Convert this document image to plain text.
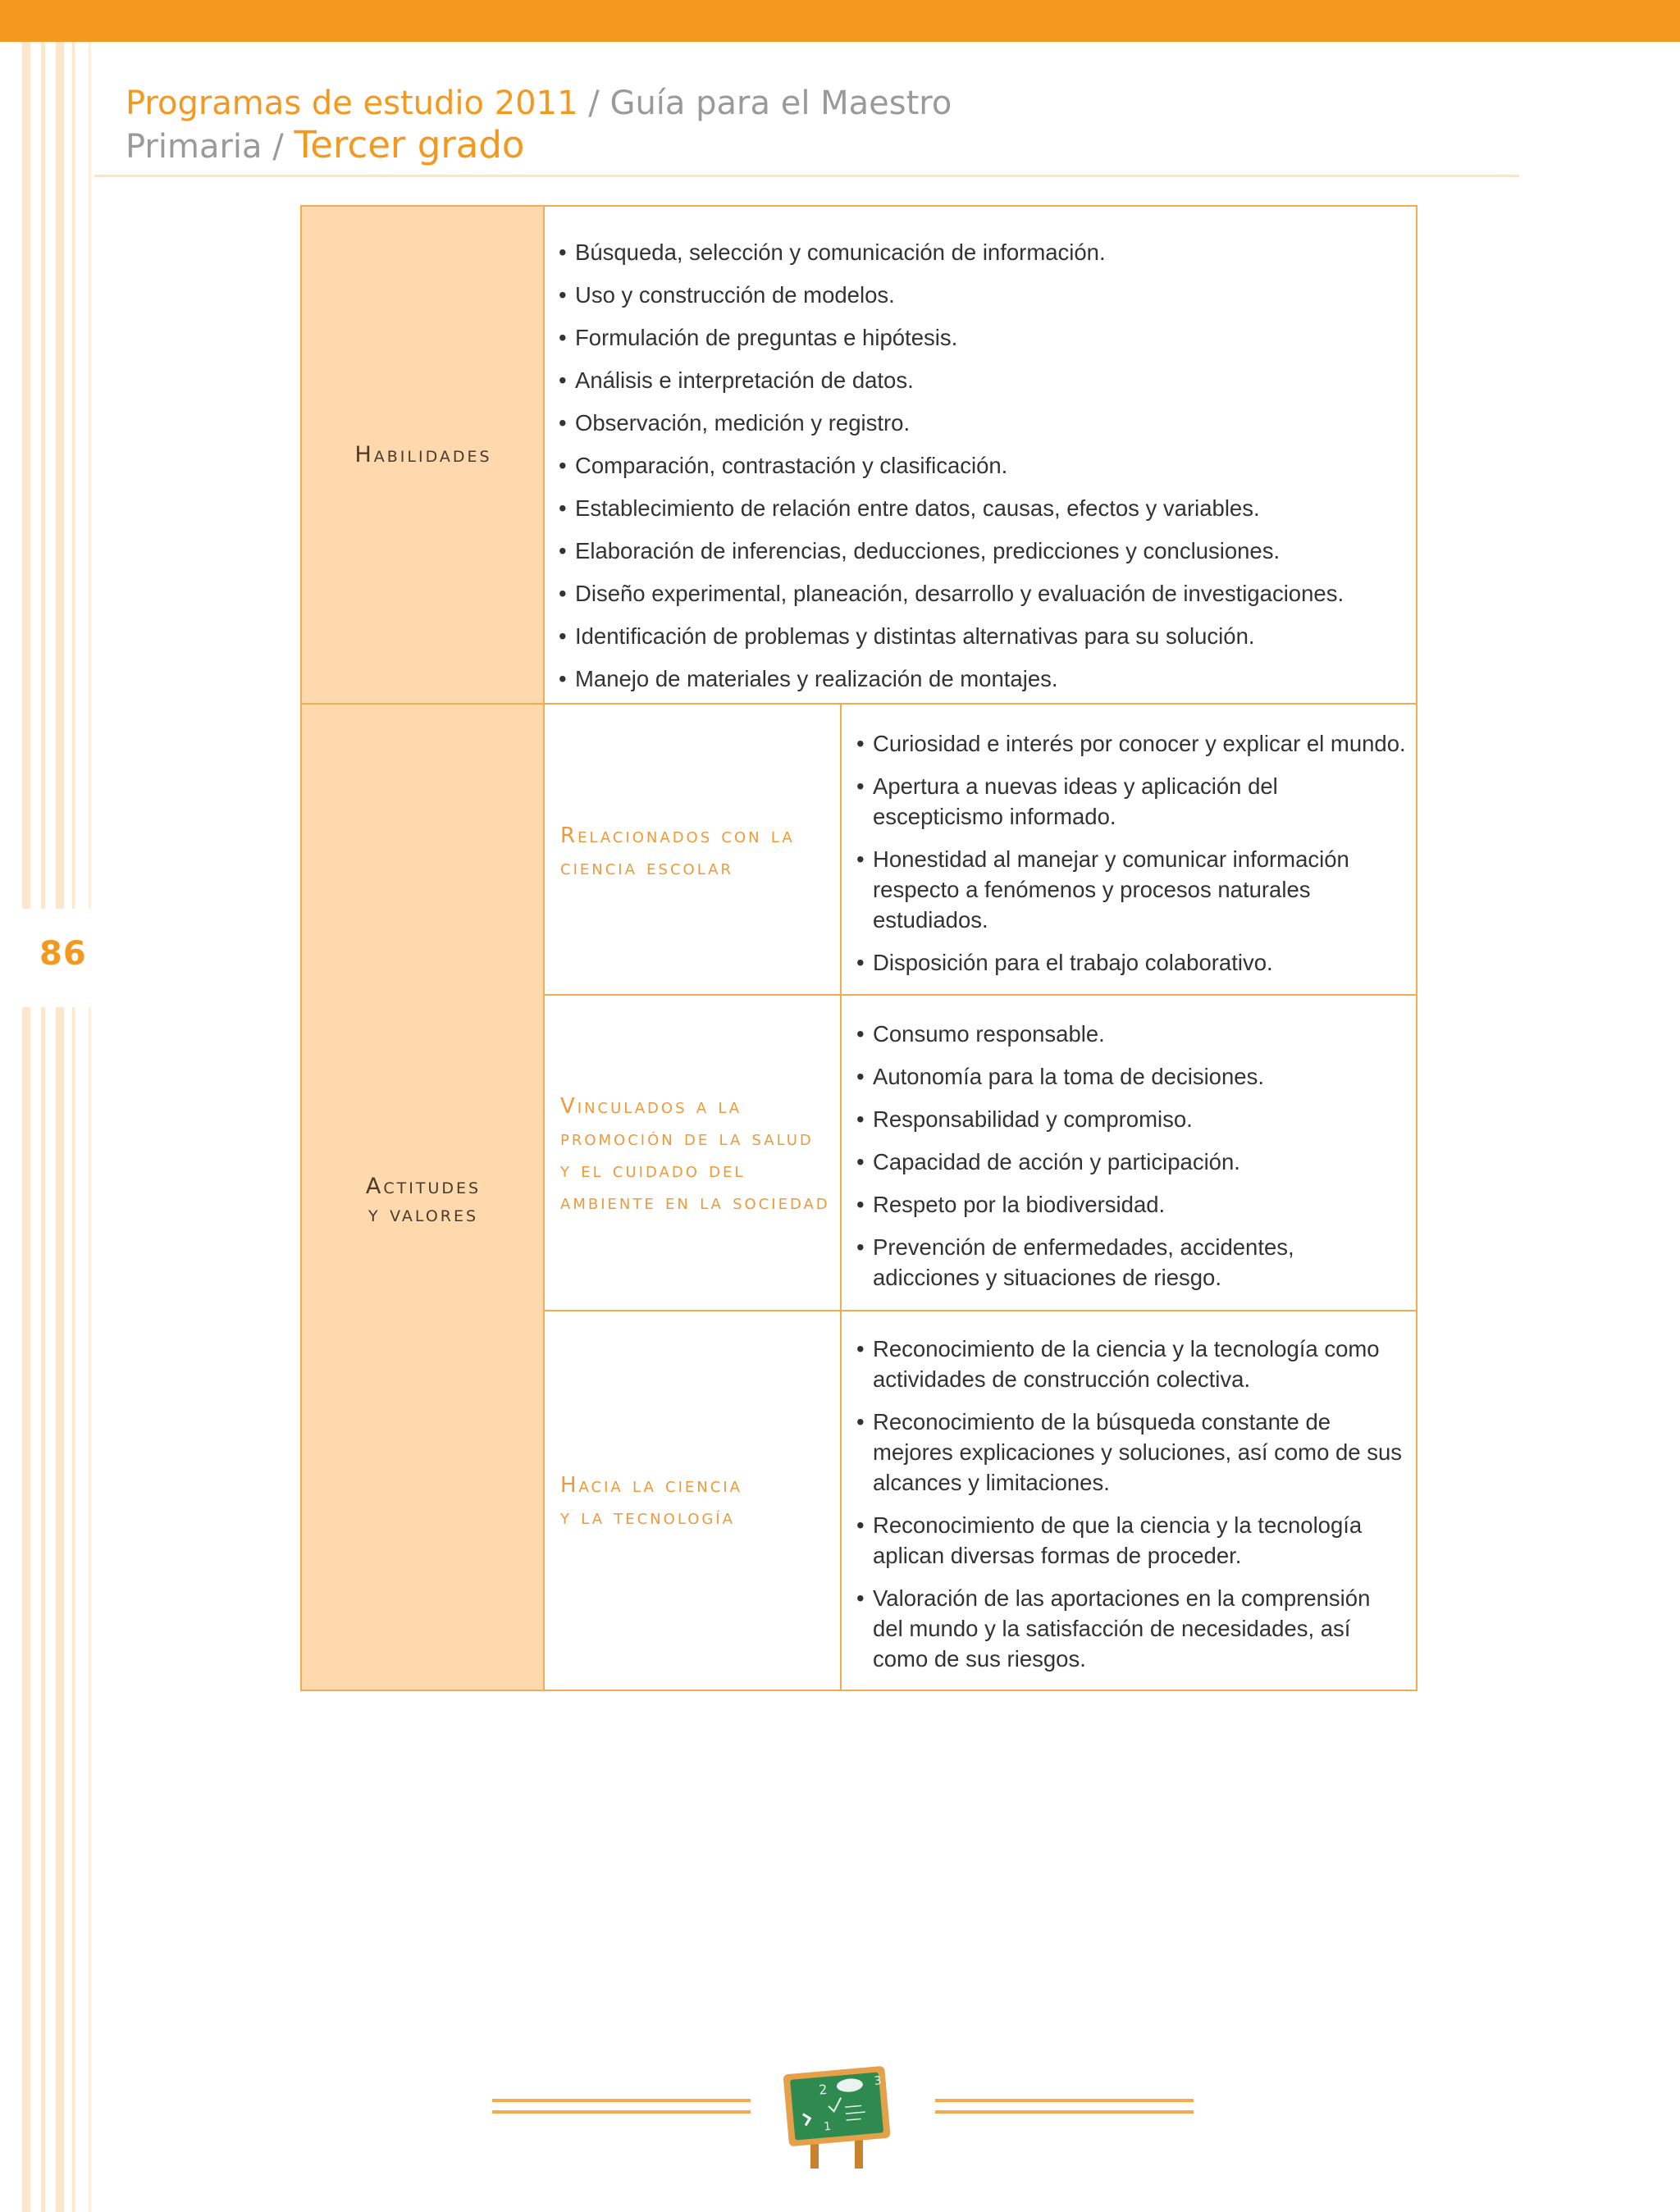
86
Programas de estudio 2011 / Guía para el Maestro
Primaria / Tercer grado
Habilidades
• Búsqueda, selección y comunicación de información.
• Uso y construcción de modelos.
• Formulación de preguntas e hipótesis.
• Análisis e interpretación de datos.
• Observación, medición y registro.
• Comparación, contrastación y clasificación.
• Establecimiento de relación entre datos, causas, efectos y variables.
• Elaboración de inferencias, deducciones, predicciones y conclusiones.
• Diseño experimental, planeación, desarrollo y evaluación de investigaciones.
• Identificación de problemas y distintas alternativas para su solución.
• Manejo de materiales y realización de montajes.
Actitudes
y valores
Relacionados con la
ciencia escolar
• Curiosidad e interés por conocer y explicar el mundo.
• Apertura a nuevas ideas y aplicación del escepticismo informado.
• Honestidad al manejar y comunicar información respecto a fenómenos y procesos naturales estudiados.
• Disposición para el trabajo colaborativo.
Vinculados a la
promoción de la salud
y el cuidado del
ambiente en la sociedad
• Consumo responsable.
• Autonomía para la toma de decisiones.
• Responsabilidad y compromiso.
• Capacidad de acción y participación.
• Respeto por la biodiversidad.
• Prevención de enfermedades, accidentes, adicciones y situaciones de riesgo.
Hacia la ciencia
y la tecnología
• Reconocimiento de la ciencia y la tecnología como actividades de construcción colectiva.
• Reconocimiento de la búsqueda constante de mejores explicaciones y soluciones, así como de sus alcances y limitaciones.
• Reconocimiento de que la ciencia y la tecnología aplican diversas formas de proceder.
• Valoración de las aportaciones en la comprensión del mundo y la satisfacción de necesidades, así como de sus riesgos.
3
2
1
